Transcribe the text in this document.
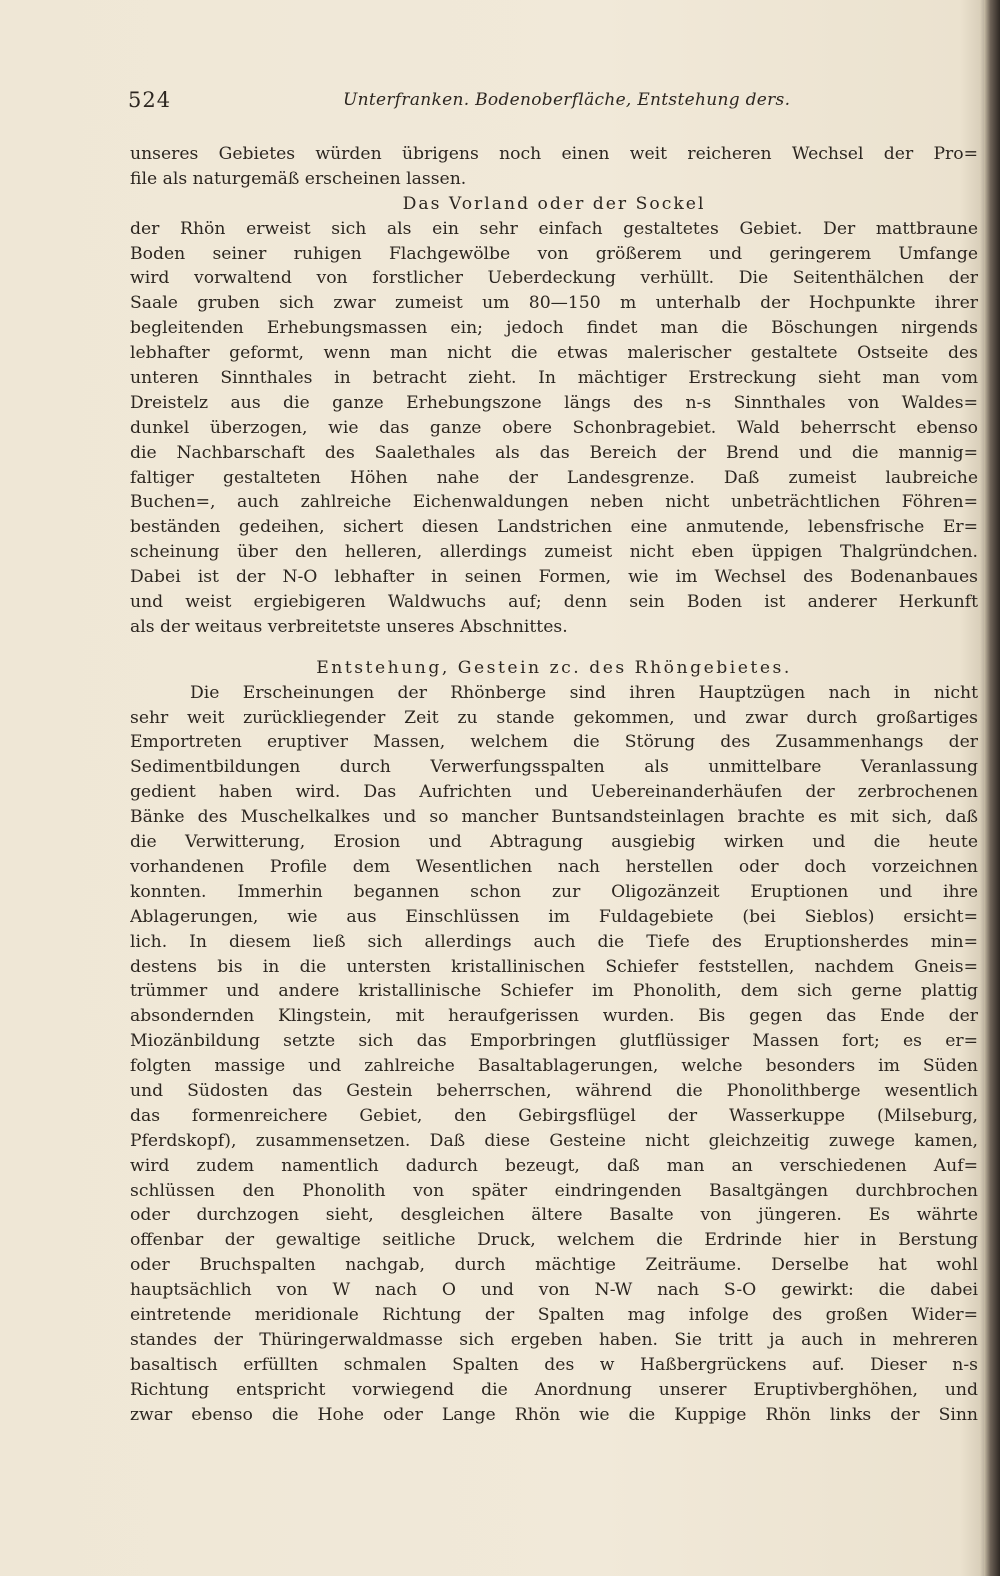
524	Unterfranken. Bodenoberfläche, Entstehung ders.
unseres Gebietes würden übrigens noch einen weit reicheren Wechsel der Pro=
file als naturgemäß erscheinen lassen.
Das Vorland oder der Sockel
der Rhön erweist sich als ein sehr einfach gestaltetes Gebiet. Der mattbraune
Boden seiner ruhigen Flachgewölbe von größerem und geringerem Umfange
wird vorwaltend von forstlicher Ueberdeckung verhüllt. Die Seitenthälchen der
Saale gruben sich zwar zumeist um 80—150 m unterhalb der Hochpunkte ihrer
begleitenden Erhebungsmassen ein; jedoch findet man die Böschungen nirgends
lebhafter geformt, wenn man nicht die etwas malerischer gestaltete Ostseite des
unteren Sinnthales in betracht zieht. In mächtiger Erstreckung sieht man vom
Dreistelz aus die ganze Erhebungszone längs des n-s Sinnthales von Waldes=
dunkel überzogen, wie das ganze obere Schonbragebiet. Wald beherrscht ebenso
die Nachbarschaft des Saalethales als das Bereich der Brend und die mannig=
faltiger gestalteten Höhen nahe der Landesgrenze. Daß zumeist laubreiche
Buchen=, auch zahlreiche Eichenwaldungen neben nicht unbeträchtlichen Föhren=
beständen gedeihen, sichert diesen Landstrichen eine anmutende, lebensfrische Er=
scheinung über den helleren, allerdings zumeist nicht eben üppigen Thalgründchen.
Dabei ist der N-O lebhafter in seinen Formen, wie im Wechsel des Bodenanbaues
und weist ergiebigeren Waldwuchs auf; denn sein Boden ist anderer Herkunft
als der weitaus verbreitetste unseres Abschnittes.
Entstehung, Gestein zc. des Rhöngebietes.
Die Erscheinungen der Rhönberge sind ihren Hauptzügen nach in nicht
sehr weit zurückliegender Zeit zu stande gekommen, und zwar durch großartiges
Emportreten eruptiver Massen, welchem die Störung des Zusammenhangs der
Sedimentbildungen durch Verwerfungsspalten als unmittelbare Veranlassung
gedient haben wird. Das Aufrichten und Uebereinanderhäufen der zerbrochenen
Bänke des Muschelkalkes und so mancher Buntsandsteinlagen brachte es mit sich, daß
die Verwitterung, Erosion und Abtragung ausgiebig wirken und die heute
vorhandenen Profile dem Wesentlichen nach herstellen oder doch vorzeichnen
konnten. Immerhin begannen schon zur Oligozänzeit Eruptionen und ihre
Ablagerungen, wie aus Einschlüssen im Fuldagebiete (bei Sieblos) ersicht=
lich. In diesem ließ sich allerdings auch die Tiefe des Eruptionsherdes min=
destens bis in die untersten kristallinischen Schiefer feststellen, nachdem Gneis=
trümmer und andere kristallinische Schiefer im Phonolith, dem sich gerne plattig
absondernden Klingstein, mit heraufgerissen wurden. Bis gegen das Ende der
Miozänbildung setzte sich das Emporbringen glutflüssiger Massen fort; es er=
folgten massige und zahlreiche Basaltablagerungen, welche besonders im Süden
und Südosten das Gestein beherrschen, während die Phonolithberge wesentlich
das formenreichere Gebiet, den Gebirgsflügel der Wasserkuppe (Milseburg,
Pferdskopf), zusammensetzen. Daß diese Gesteine nicht gleichzeitig zuwege kamen,
wird zudem namentlich dadurch bezeugt, daß man an verschiedenen Auf=
schlüssen den Phonolith von später eindringenden Basaltgängen durchbrochen
oder durchzogen sieht, desgleichen ältere Basalte von jüngeren. Es währte
offenbar der gewaltige seitliche Druck, welchem die Erdrinde hier in Berstung
oder Bruchspalten nachgab, durch mächtige Zeiträume. Derselbe hat wohl
hauptsächlich von W nach O und von N-W nach S-O gewirkt: die dabei
eintretende meridionale Richtung der Spalten mag infolge des großen Wider=
standes der Thüringerwaldmasse sich ergeben haben. Sie tritt ja auch in mehreren
basaltisch erfüllten schmalen Spalten des w Haßbergrückens auf. Dieser n-s
Richtung entspricht vorwiegend die Anordnung unserer Eruptivberghöhen, und
zwar ebenso die Hohe oder Lange Rhön wie die Kuppige Rhön links der Sinn
